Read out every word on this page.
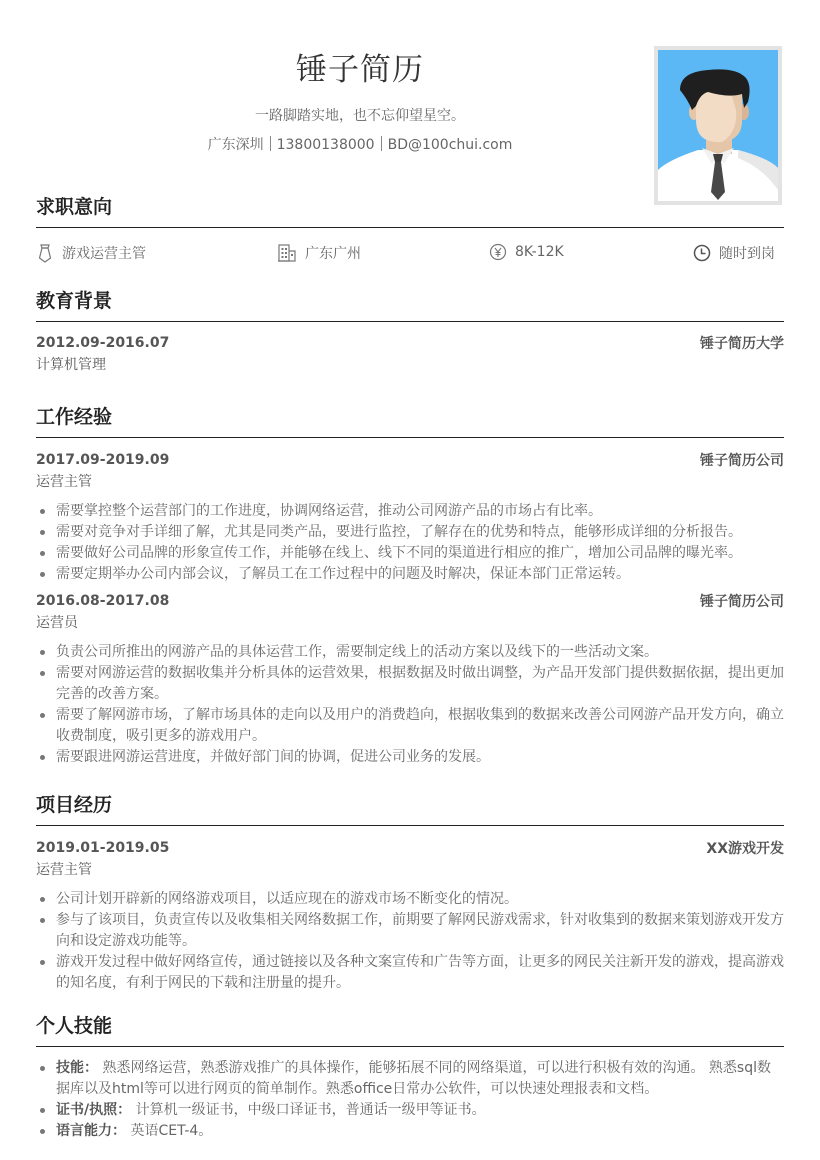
锤子简历
一路脚踏实地，也不忘仰望星空。
广东深圳 13800138000 BD@100chui.com
求职意向
游戏运营主管	广东广州	8K-12K	随时到岗
教育背景
2012.09-2016.07	锤子简历大学
计算机管理
工作经验
2017.09-2019.09	锤子简历公司
运营主管
需要掌控整个运营部门的工作进度，协调网络运营，推动公司网游产品的市场占有比率。
需要对竞争对手详细了解，尤其是同类产品，要进行监控，了解存在的优势和特点，能够形成详细的分析报告。
需要做好公司品牌的形象宣传工作，并能够在线上、线下不同的渠道进行相应的推广，增加公司品牌的曝光率。
需要定期举办公司内部会议，了解员工在工作过程中的问题及时解决，保证本部门正常运转。
2016.08-2017.08	锤子简历公司
运营员
负责公司所推出的网游产品的具体运营工作，需要制定线上的活动方案以及线下的一些活动文案。
需要对网游运营的数据收集并分析具体的运营效果，根据数据及时做出调整，为产品开发部门提供数据依据，提出更加完善的改善方案。
需要了解网游市场，了解市场具体的走向以及用户的消费趋向，根据收集到的数据来改善公司网游产品开发方向，确立收费制度，吸引更多的游戏用户。
需要跟进网游运营进度，并做好部门间的协调，促进公司业务的发展。
项目经历
2019.01-2019.05	XX游戏开发
运营主管
公司计划开辟新的网络游戏项目，以适应现在的游戏市场不断变化的情况。
参与了该项目，负责宣传以及收集相关网络数据工作，前期要了解网民游戏需求，针对收集到的数据来策划游戏开发方向和设定游戏功能等。
游戏开发过程中做好网络宣传，通过链接以及各种文案宣传和广告等方面，让更多的网民关注新开发的游戏，提高游戏的知名度，有利于网民的下载和注册量的提升。
个人技能
技能： 熟悉网络运营，熟悉游戏推广的具体操作，能够拓展不同的网络渠道，可以进行积极有效的沟通。 熟悉sql数据库以及html等可以进行网页的简单制作。熟悉office日常办公软件，可以快速处理报表和文档。
证书/执照： 计算机一级证书，中级口译证书，普通话一级甲等证书。
语言能力： 英语CET-4。
